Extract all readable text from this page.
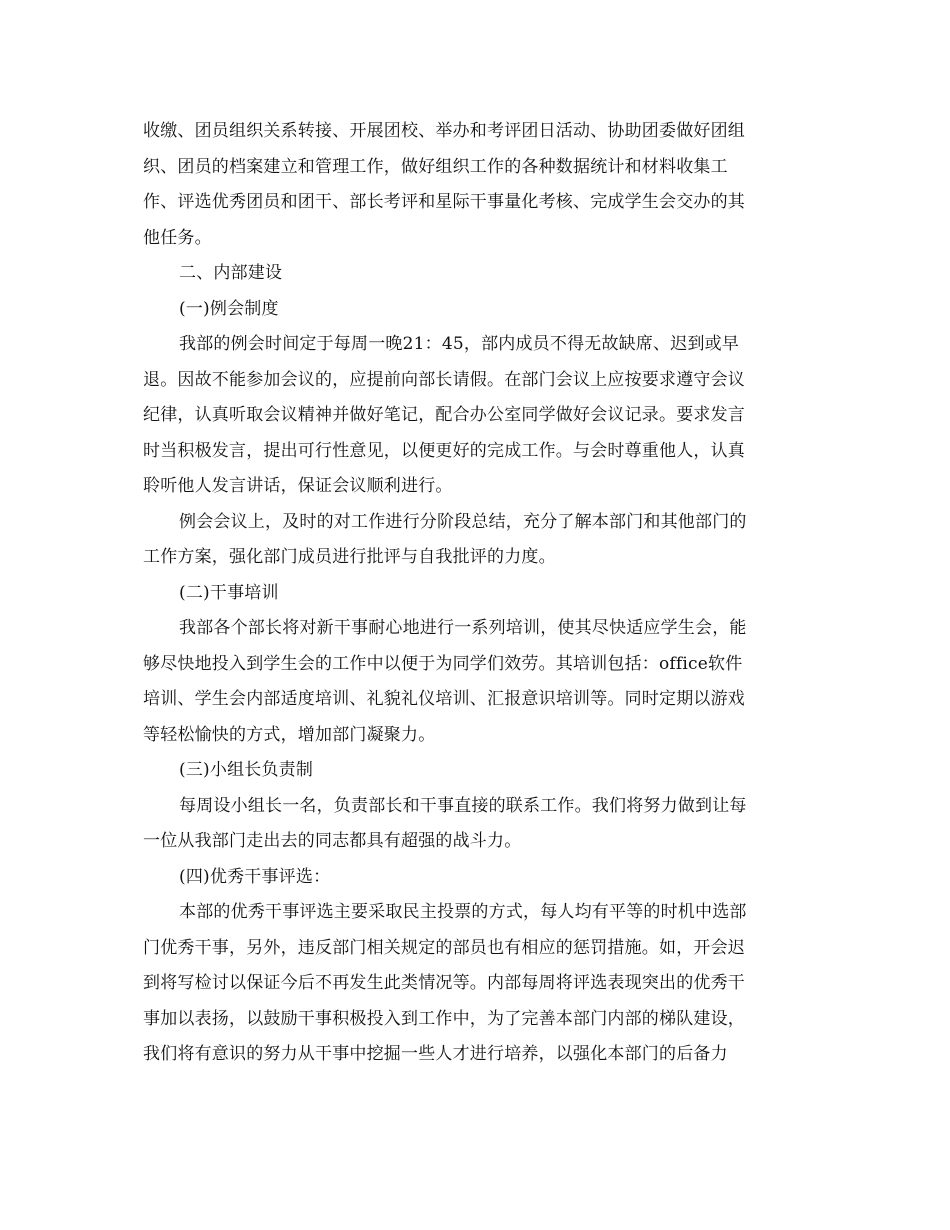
收缴、团员组织关系转接、开展团校、举办和考评团日活动、协助团委做好团组
织、团员的档案建立和管理工作，做好组织工作的各种数据统计和材料收集工
作、评选优秀团员和团干、部长考评和星际干事量化考核、完成学生会交办的其
他任务。
二、内部建设
(一)例会制度
我部的例会时间定于每周一晚21：45，部内成员不得无故缺席、迟到或早
退。因故不能参加会议的，应提前向部长请假。在部门会议上应按要求遵守会议
纪律，认真听取会议精神并做好笔记，配合办公室同学做好会议记录。要求发言
时当积极发言，提出可行性意见，以便更好的完成工作。与会时尊重他人，认真
聆听他人发言讲话，保证会议顺利进行。
例会会议上，及时的对工作进行分阶段总结，充分了解本部门和其他部门的
工作方案，强化部门成员进行批评与自我批评的力度。
(二)干事培训
我部各个部长将对新干事耐心地进行一系列培训，使其尽快适应学生会，能
够尽快地投入到学生会的工作中以便于为同学们效劳。其培训包括：office软件
培训、学生会内部适度培训、礼貌礼仪培训、汇报意识培训等。同时定期以游戏
等轻松愉快的方式，增加部门凝聚力。
(三)小组长负责制
每周设小组长一名，负责部长和干事直接的联系工作。我们将努力做到让每
一位从我部门走出去的同志都具有超强的战斗力。
(四)优秀干事评选：
本部的优秀干事评选主要采取民主投票的方式，每人均有平等的时机中选部
门优秀干事，另外，违反部门相关规定的部员也有相应的惩罚措施。如，开会迟
到将写检讨以保证今后不再发生此类情况等。内部每周将评选表现突出的优秀干
事加以表扬，以鼓励干事积极投入到工作中，为了完善本部门内部的梯队建设，
我们将有意识的努力从干事中挖掘一些人才进行培养，以强化本部门的后备力
